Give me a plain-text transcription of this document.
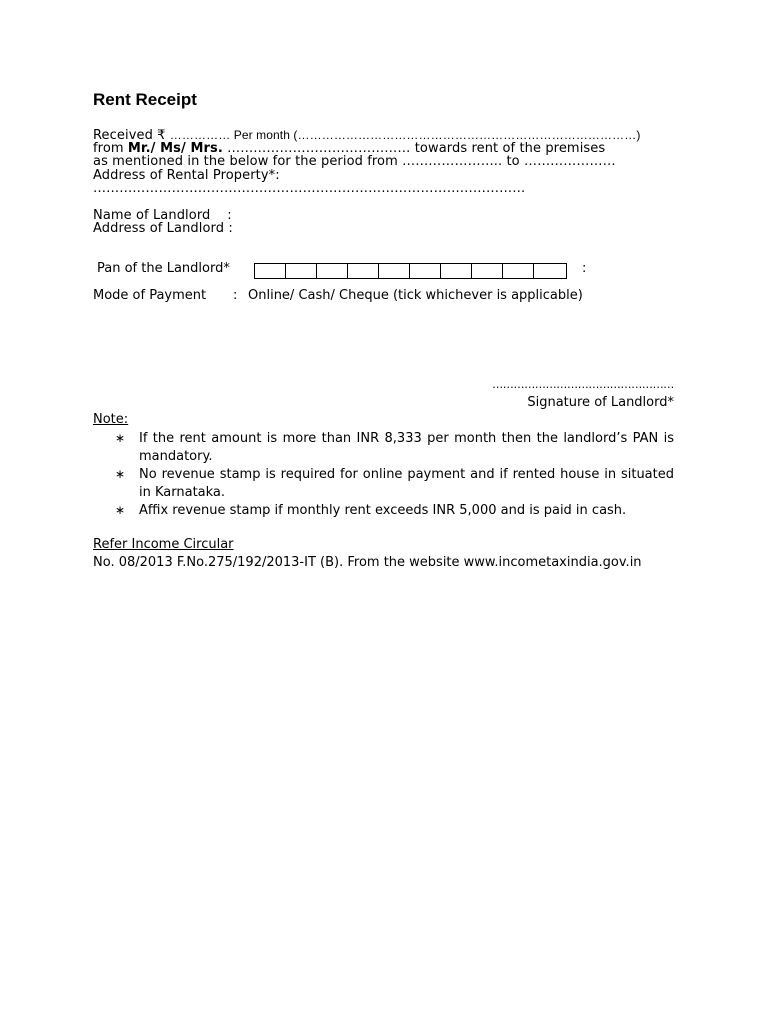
Rent Receipt
Received ₹ …………… Per month (…………………………………………………………………………)
from Mr./ Ms/ Mrs. …………………………………… towards rent of the premises
as mentioned in the below for the period from ………………….. to …………………
Address of Rental Property*:
………………………………………………………………………………………
Name of Landlord    :
Address of Landlord :
Pan of the Landlord*	:
Mode of Payment : Online/ Cash/ Cheque (tick whichever is applicable)
……………………………………………
Signature of Landlord*
Note:
∗ If the rent amount is more than INR 8,333 per month then the landlord’s PAN is mandatory.
∗ No revenue stamp is required for online payment and if rented house in situated in Karnataka.
∗ Affix revenue stamp if monthly rent exceeds INR 5,000 and is paid in cash.
Refer Income Circular
No. 08/2013 F.No.275/192/2013-IT (B). From the website www.incometaxindia.gov.in
